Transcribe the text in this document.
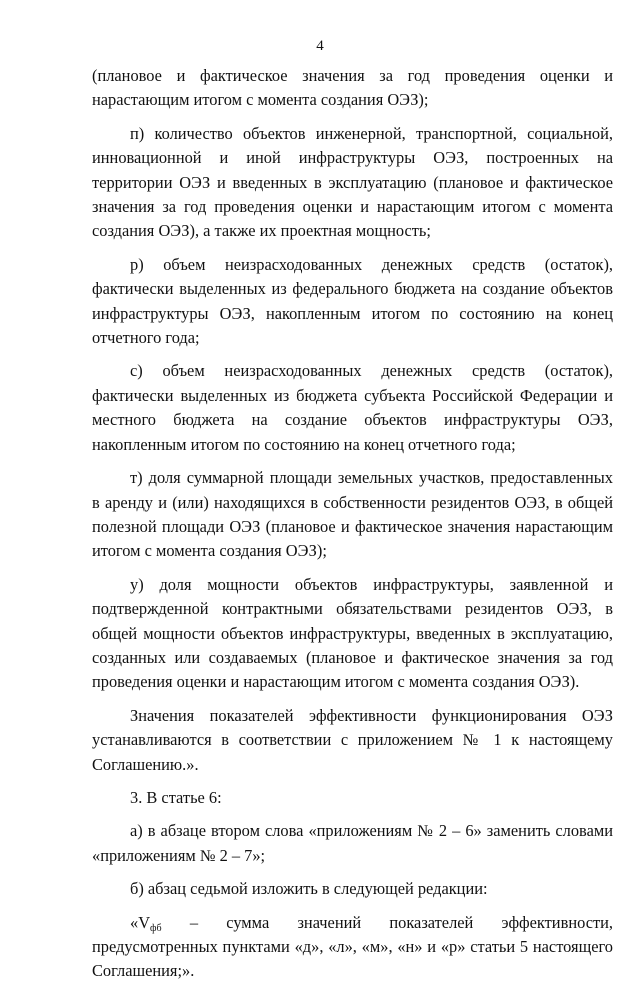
4

(плановое и фактическое значения за год проведения оценки и нарастающим итогом с момента создания ОЭЗ);

п) количество объектов инженерной, транспортной, социальной, инновационной и иной инфраструктуры ОЭЗ, построенных на территории ОЭЗ и введенных в эксплуатацию (плановое и фактическое значения за год проведения оценки и нарастающим итогом с момента создания ОЭЗ), а также их проектная мощность;

р) объем неизрасходованных денежных средств (остаток), фактически выделенных из федерального бюджета на создание объектов инфраструктуры ОЭЗ, накопленным итогом по состоянию на конец отчетного года;

с) объем неизрасходованных денежных средств (остаток), фактически выделенных из бюджета субъекта Российской Федерации и местного бюджета на создание объектов инфраструктуры ОЭЗ, накопленным итогом по состоянию на конец отчетного года;

т) доля суммарной площади земельных участков, предоставленных в аренду и (или) находящихся в собственности резидентов ОЭЗ, в общей полезной площади ОЭЗ (плановое и фактическое значения нарастающим итогом с момента создания ОЭЗ);

у) доля мощности объектов инфраструктуры, заявленной и подтвержденной контрактными обязательствами резидентов ОЭЗ, в общей мощности объектов инфраструктуры, введенных в эксплуатацию, созданных или создаваемых (плановое и фактическое значения за год проведения оценки и нарастающим итогом с момента создания ОЭЗ).

Значения показателей эффективности функционирования ОЭЗ устанавливаются в соответствии с приложением № 1 к настоящему Соглашению.».

3. В статье 6:

а) в абзаце втором слова «приложениям № 2 – 6» заменить словами «приложениям № 2 – 7»;

б) абзац седьмой изложить в следующей редакции:

«$V_{фб}$ – сумма значений показателей эффективности, предусмотренных пунктами «д», «л», «м», «н» и «р» статьи 5 настоящего Соглашения;».
